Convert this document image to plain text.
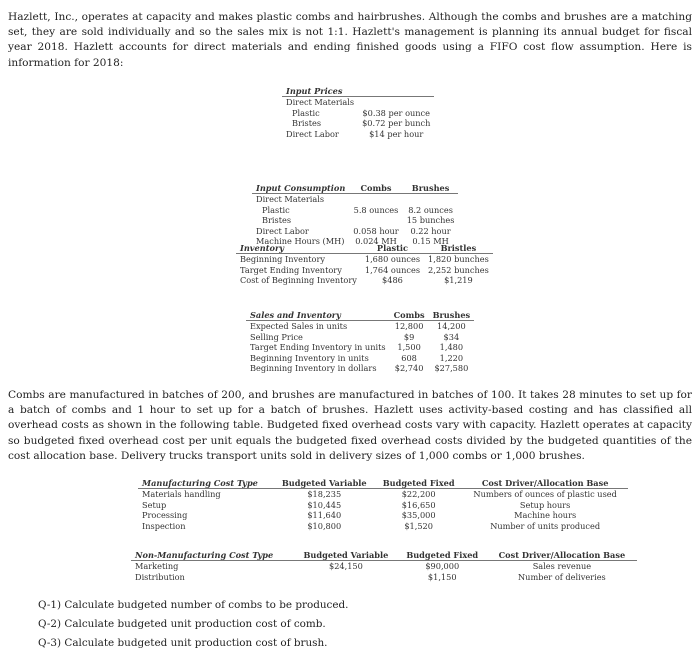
Hazlett, Inc., operates at capacity and makes plastic combs and hairbrushes. Although the combs and brushes are a matching set, they are sold individually and so the sales mix is not 1:1. Hazlett's management is planning its annual budget for fiscal year 2018. Hazlett accounts for direct materials and ending finished goods using a FIFO cost flow assumption. Here is information for 2018:

Input Prices	
Direct Materials	
Plastic	$0.38 per ounce
Bristes	$0.72 per bunch
Direct Labor	$14 per hour
Input Consumption	Combs	Brushes
Direct Materials		
Plastic	5.8 ounces	8.2 ounces
Bristes		15 bunches
Direct Labor	0.058 hour	0.22 hour
Machine Hours (MH)	0.024 MH	0.15 MH
Inventory	Plastic	Bristles
Beginning Inventory	1,680 ounces	1,820 bunches
Target Ending Inventory	1,764 ounces	2,252 bunches
Cost of Beginning Inventory	$486	$1,219
Sales and Inventory	Combs	Brushes
Expected Sales in units	12,800	14,200
Selling Price	$9	$34
Target Ending Inventory in units	1,500	1,480
Beginning Inventory in units	608	1,220
Beginning Inventory in dollars	$2,740	$27,580

Combs are manufactured in batches of 200, and brushes are manufactured in batches of 100. It takes 28 minutes to set up for a batch of combs and 1 hour to set up for a batch of brushes. Hazlett uses activity-based costing and has classified all overhead costs as shown in the following table. Budgeted fixed overhead costs vary with capacity. Hazlett operates at capacity so budgeted fixed overhead cost per unit equals the budgeted fixed overhead costs divided by the budgeted quantities of the cost allocation base. Delivery trucks transport units sold in delivery sizes of 1,000 combs or 1,000 brushes.

Manufacturing Cost Type	Budgeted Variable	Budgeted Fixed	Cost Driver/Allocation Base
Materials handling	$18,235	$22,200	Numbers of ounces of plastic used
Setup	$10,445	$16,650	Setup hours
Processing	$11,640	$35,000	Machine hours
Inspection	$10,800	$1,520	Number of units produced
Non-Manufacturing Cost Type	Budgeted Variable	Budgeted Fixed	Cost Driver/Allocation Base
Marketing	$24,150	$90,000	Sales revenue
Distribution		$1,150	Number of deliveries
Q-1) Calculate budgeted number of combs to be produced.
Q-2) Calculate budgeted unit production cost of comb.
Q-3) Calculate budgeted unit production cost of brush.
